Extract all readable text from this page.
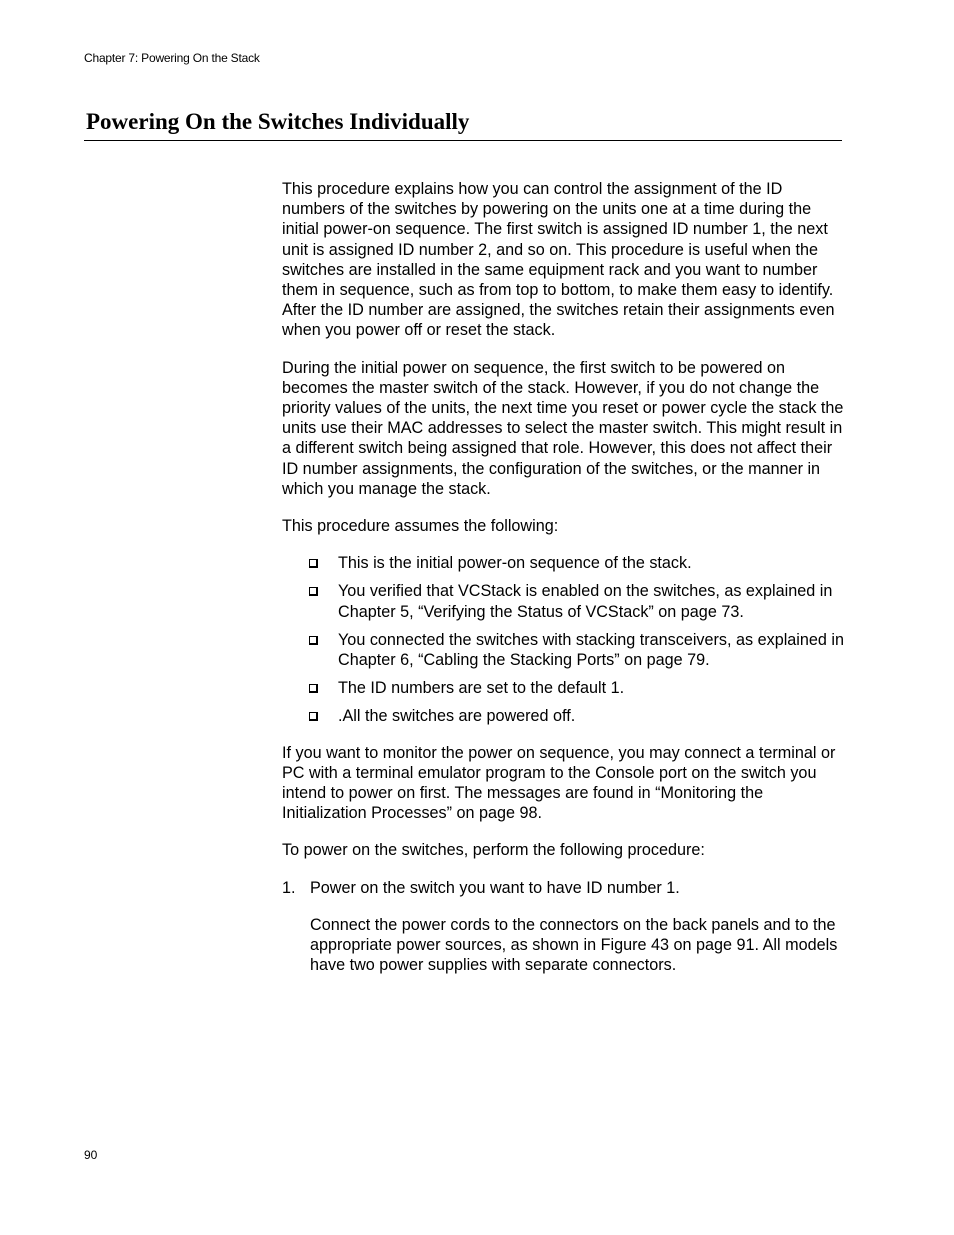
Chapter 7: Powering On the Stack
Powering On the Switches Individually

This procedure explains how you can control the assignment of the ID numbers of the switches by powering on the units one at a time during the initial power-on sequence. The first switch is assigned ID number 1, the next unit is assigned ID number 2, and so on. This procedure is useful when the switches are installed in the same equipment rack and you want to number them in sequence, such as from top to bottom, to make them easy to identify. After the ID number are assigned, the switches retain their assignments even when you power off or reset the stack.

During the initial power on sequence, the first switch to be powered on becomes the master switch of the stack. However, if you do not change the priority values of the units, the next time you reset or power cycle the stack the units use their MAC addresses to select the master switch. This might result in a different switch being assigned that role. However, this does not affect their ID number assignments, the configuration of the switches, or the manner in which you manage the stack.

This procedure assumes the following:

This is the initial power-on sequence of the stack.
You verified that VCStack is enabled on the switches, as explained in Chapter 5, “Verifying the Status of VCStack” on page 73.
You connected the switches with stacking transceivers, as explained in Chapter 6, “Cabling the Stacking Ports” on page 79.
The ID numbers are set to the default 1.
.All the switches are powered off.

If you want to monitor the power on sequence, you may connect a terminal or PC with a terminal emulator program to the Console port on the switch you intend to power on first. The messages are found in “Monitoring the Initialization Processes” on page 98.

To power on the switches, perform the following procedure:

1. Power on the switch you want to have ID number 1.

Connect the power cords to the connectors on the back panels and to the appropriate power sources, as shown in Figure 43 on page 91. All models have two power supplies with separate connectors.

90
